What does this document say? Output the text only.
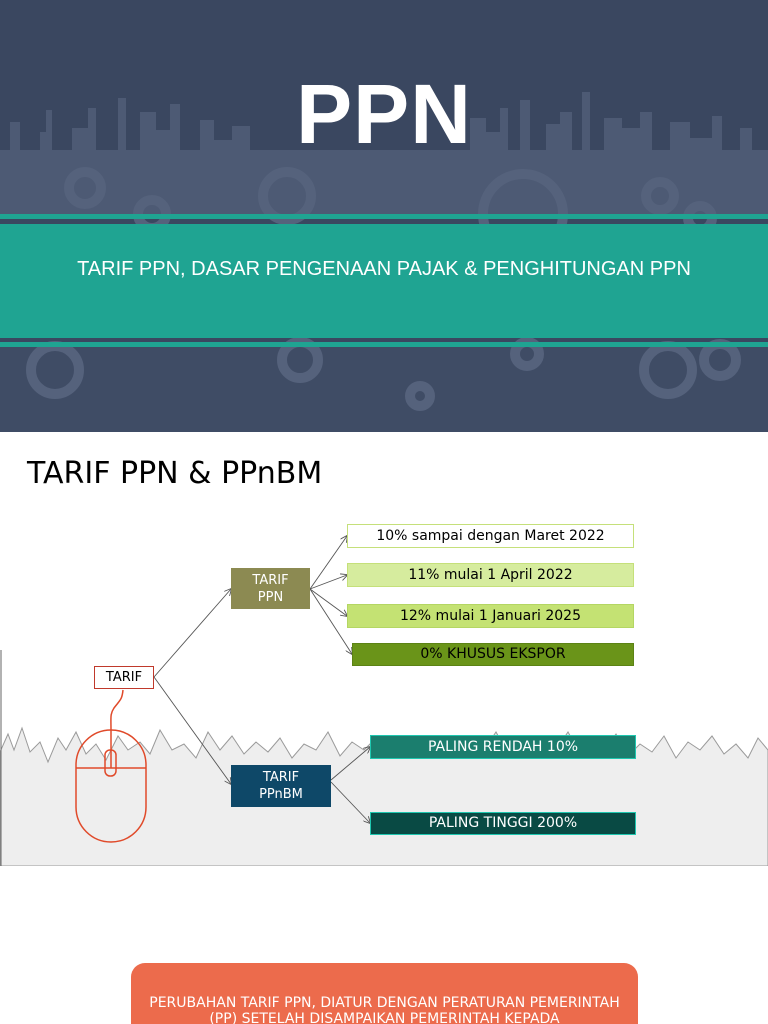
PPN
TARIF PPN, DASAR PENGENAAN PAJAK & PENGHITUNGAN PPN
TARIF PPN & PPnBM
TARIF
TARIF
PPN
TARIF
PPnBM
10% sampai dengan Maret 2022
11% mulai 1 April 2022
12% mulai 1 Januari 2025
0% KHUSUS EKSPOR
PALING RENDAH 10%
PALING TINGGI 200%
PERUBAHAN TARIF PPN, DIATUR DENGAN PERATURAN PEMERINTAH (PP) SETELAH DISAMPAIKAN PEMERINTAH KEPADA
